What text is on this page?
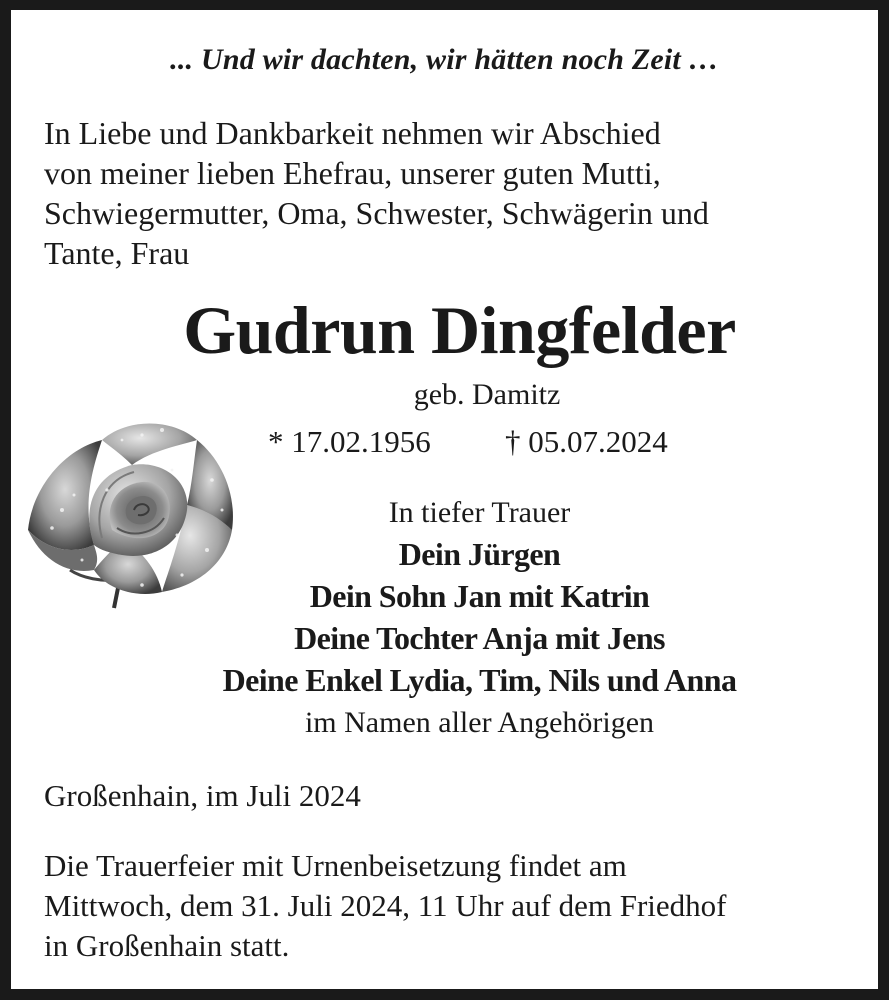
... Und wir dachten, wir hätten noch Zeit …
In Liebe und Dankbarkeit nehmen wir Abschied
von meiner lieben Ehefrau, unserer guten Mutti,
Schwiegermutter, Oma, Schwester, Schwägerin und
Tante, Frau
Gudrun Dingfelder
geb. Damitz
* 17.02.1956 † 05.07.2024
In tiefer Trauer
Dein Jürgen
Dein Sohn Jan mit Katrin
Deine Tochter Anja mit Jens
Deine Enkel Lydia, Tim, Nils und Anna
im Namen aller Angehörigen
Großenhain, im Juli 2024
Die Trauerfeier mit Urnenbeisetzung findet am
Mittwoch, dem 31. Juli 2024, 11 Uhr auf dem Friedhof
in Großenhain statt.
